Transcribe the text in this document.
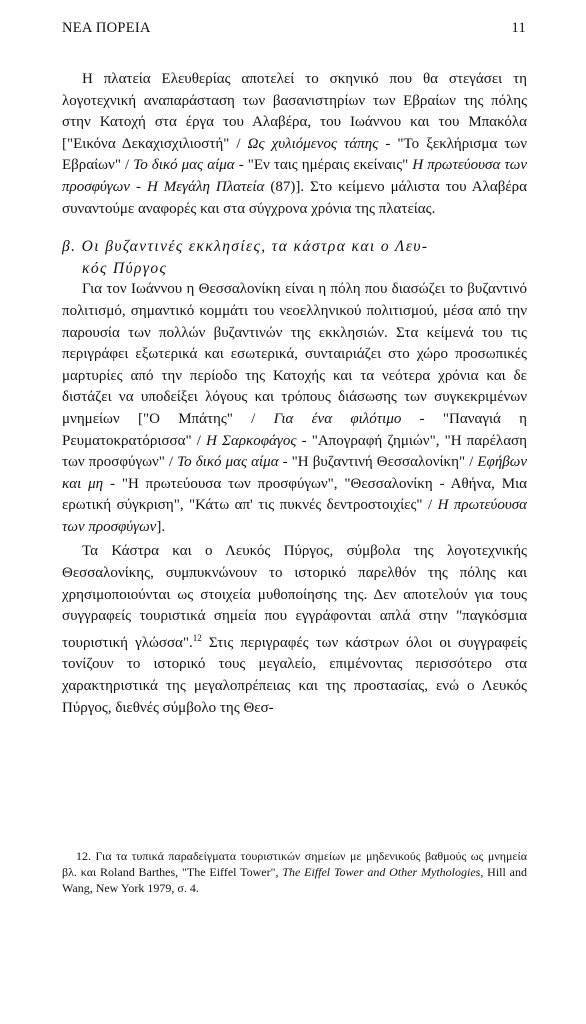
ΝΕΑ ΠΟΡΕΙΑ	11

Η πλατεία Ελευθερίας αποτελεί το σκηνικό που θα στεγάσει τη λογοτεχνική αναπαράσταση των βασανιστηρίων των Εβραίων της πόλης στην Κατοχή στα έργα του Αλαβέρα, του Ιωάννου και του Μπακόλα ["Εικόνα Δεκαχισχιλιοστή" / Ως χυλιόμενος τάπης - "Το ξεκλήρισμα των Εβραίων" / Το δικό μας αίμα - "Εν ταις ημέραις εκείναις" Η πρωτεύουσα των προσφύγων - Η Μεγάλη Πλατεία (87)]. Στο κείμενο μάλιστα του Αλαβέρα συναντούμε αναφορές και στα σύγχρονα χρόνια της πλατείας.

β. Οι βυζαντινές εκκλησίες, τα κάστρα και ο Λευ-
κός Πύργος

Για τον Ιωάννου η Θεσσαλονίκη είναι η πόλη που διασώζει το βυζαντινό πολιτισμό, σημαντικό κομμάτι του νεοελληνικού πολιτισμού, μέσα από την παρουσία των πολλών βυζαντινών της εκκλησιών. Στα κείμενά του τις περιγράφει εξωτερικά και εσωτερικά, συνταιριάζει στο χώρο προσωπικές μαρτυρίες από την περίοδο της Κατοχής και τα νεότερα χρόνια και δε διστάζει να υποδείξει λόγους και τρόπους διάσωσης των συγκεκριμένων μνημείων ["Ο Μπάτης" / Για ένα φιλότιμο - "Παναγιά η Ρευματοκρατόρισσα" / Η Σαρκοφάγος - "Απογραφή ζημιών", "Η παρέλαση των προσφύγων" / Το δικό μας αίμα - "Η βυζαντινή Θεσσαλονίκη" / Εφήβων και μη - "Η πρωτεύουσα των προσφύγων", "Θεσσαλονίκη - Αθήνα, Μια ερωτική σύγκριση", "Κάτω απ' τις πυκνές δεντροστοιχίες" / Η πρωτεύουσα των προσφύγων].

Τα Κάστρα και ο Λευκός Πύργος, σύμβολα της λογοτεχνικής Θεσσαλονίκης, συμπυκνώνουν το ιστορικό παρελθόν της πόλης και χρησιμοποιούνται ως στοιχεία μυθοποίησης της. Δεν αποτελούν για τους συγγραφείς τουριστικά σημεία που εγγράφονται απλά στην "παγκόσμια τουριστική γλώσσα".$^{12}$ Στις περιγραφές των κάστρων όλοι οι συγγραφείς τονίζουν το ιστορικό τους μεγαλείο, επιμένοντας περισσότερο στα χαρακτηριστικά της μεγαλοπρέπειας και της προστασίας, ενώ ο Λευκός Πύργος, διεθνές σύμβολο της Θεσ-

12. Για τα τυπικά παραδείγματα τουριστικών σημείων με μηδενικούς βαθμούς ως μνημεία βλ. και Roland Barthes, "The Eiffel Tower", The Eiffel Tower and Other Mythologies, Hill and Wang, New York 1979, σ. 4.
